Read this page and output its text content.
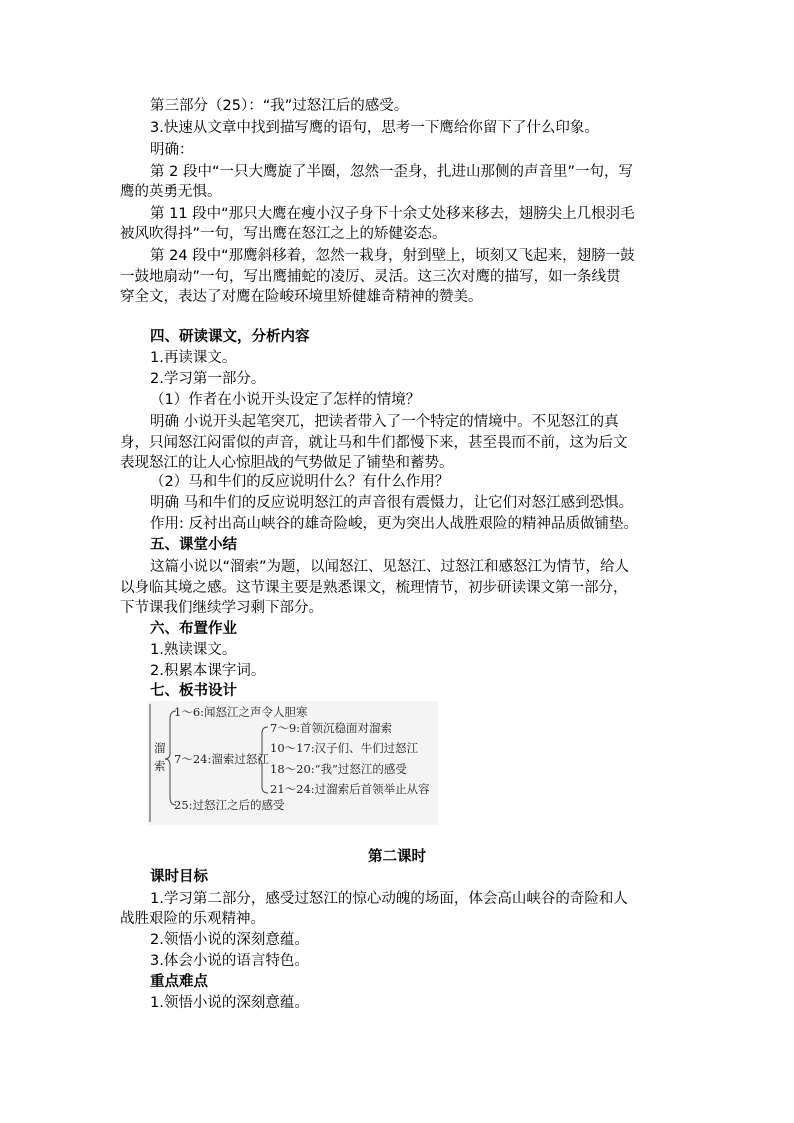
第三部分（25）：“我”过怒江后的感受。
3.快速从文章中找到描写鹰的语句，思考一下鹰给你留下了什么印象。
明确：
第 2 段中“一只大鹰旋了半圈，忽然一歪身，扎进山那侧的声音里”一句，写
鹰的英勇无惧。
第 11 段中“那只大鹰在瘦小汉子身下十余丈处移来移去，翅膀尖上几根羽毛
被风吹得抖”一句，写出鹰在怒江之上的矫健姿态。
第 24 段中“那鹰斜移着，忽然一栽身，射到壁上，顷刻又飞起来，翅膀一鼓
一鼓地扇动”一句，写出鹰捕蛇的凌厉、灵活。这三次对鹰的描写，如一条线贯
穿全文，表达了对鹰在险峻环境里矫健雄奇精神的赞美。
四、研读课文，分析内容
1.再读课文。
2.学习第一部分。
（1）作者在小说开头设定了怎样的情境？
明确 小说开头起笔突兀，把读者带入了一个特定的情境中。不见怒江的真
身，只闻怒江闷雷似的声音，就让马和牛们都慢下来，甚至畏而不前，这为后文
表现怒江的让人心惊胆战的气势做足了铺垫和蓄势。
（2）马和牛们的反应说明什么？有什么作用？
明确 马和牛们的反应说明怒江的声音很有震慑力，让它们对怒江感到恐惧。
作用: 反衬出高山峡谷的雄奇险峻，更为突出人战胜艰险的精神品质做铺垫。
五、课堂小结
这篇小说以“溜索”为题，以闻怒江、见怒江、过怒江和感怒江为情节，给人
以身临其境之感。这节课主要是熟悉课文，梳理情节，初步研读课文第一部分，
下节课我们继续学习剩下部分。
六、布置作业
1.熟读课文。
2.积累本课字词。
七、板书设计
溜
索
1～6:闻怒江之声令人胆寒
7～24:溜索过怒江
25:过怒江之后的感受
7～9:首领沉稳面对溜索
10～17:汉子们、牛们过怒江
18～20:“我”过怒江的感受
21～24:过溜索后首领举止从容
第二课时
课时目标
1.学习第二部分，感受过怒江的惊心动魄的场面，体会高山峡谷的奇险和人
战胜艰险的乐观精神。
2.领悟小说的深刻意蕴。
3.体会小说的语言特色。
重点难点
1.领悟小说的深刻意蕴。
